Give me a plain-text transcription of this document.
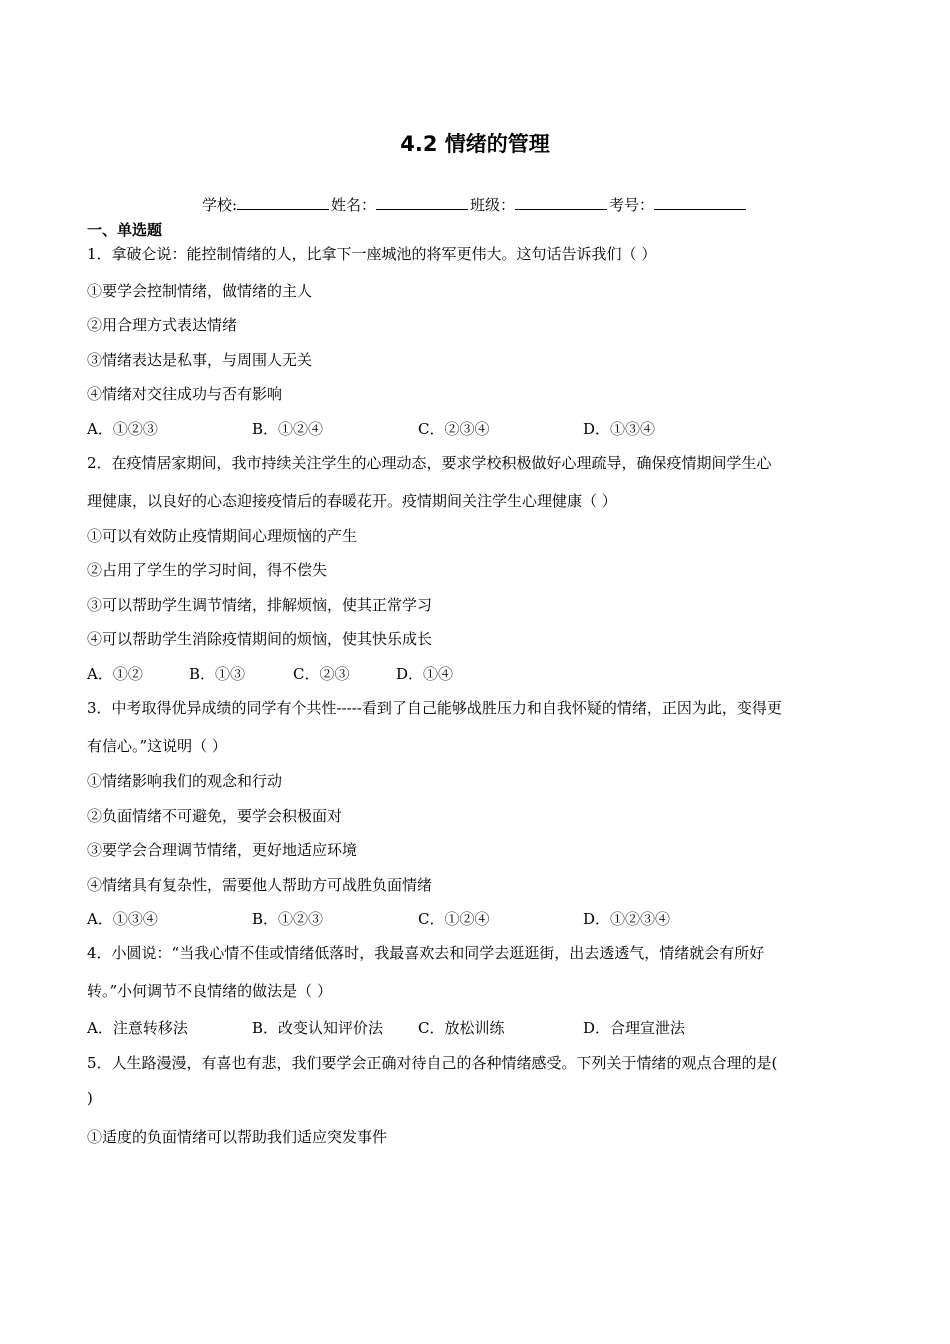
4.2 情绪的管理
学校:	姓名：	班级：	考号：
一、单选题
1．拿破仑说：能控制情绪的人，比拿下一座城池的将军更伟大。这句话告诉我们（ ）
①要学会控制情绪，做情绪的主人
②用合理方式表达情绪
③情绪表达是私事，与周围人无关
④情绪对交往成功与否有影响
A．①②③	B．①②④	C．②③④	D．①③④
2．在疫情居家期间，我市持续关注学生的心理动态，要求学校积极做好心理疏导，确保疫情期间学生心
理健康，以良好的心态迎接疫情后的春暖花开。疫情期间关注学生心理健康（ ）
①可以有效防止疫情期间心理烦恼的产生
②占用了学生的学习时间，得不偿失
③可以帮助学生调节情绪，排解烦恼，使其正常学习
④可以帮助学生消除疫情期间的烦恼，使其快乐成长
A．①②	B．①③	C．②③	D．①④
3．中考取得优异成绩的同学有个共性-----看到了自己能够战胜压力和自我怀疑的情绪，正因为此，变得更
有信心。”这说明（ ）
①情绪影响我们的观念和行动
②负面情绪不可避免，要学会积极面对
③要学会合理调节情绪，更好地适应环境
④情绪具有复杂性，需要他人帮助方可战胜负面情绪
A．①③④	B．①②③	C．①②④	D．①②③④
4．小圆说：“当我心情不佳或情绪低落时，我最喜欢去和同学去逛逛街，出去透透气，情绪就会有所好
转。”小何调节不良情绪的做法是（ ）
A．注意转移法	B．改变认知评价法 C．放松训练	D．合理宣泄法
5．人生路漫漫，有喜也有悲，我们要学会正确对待自己的各种情绪感受。下列关于情绪的观点合理的是(
)
①适度的负面情绪可以帮助我们适应突发事件
